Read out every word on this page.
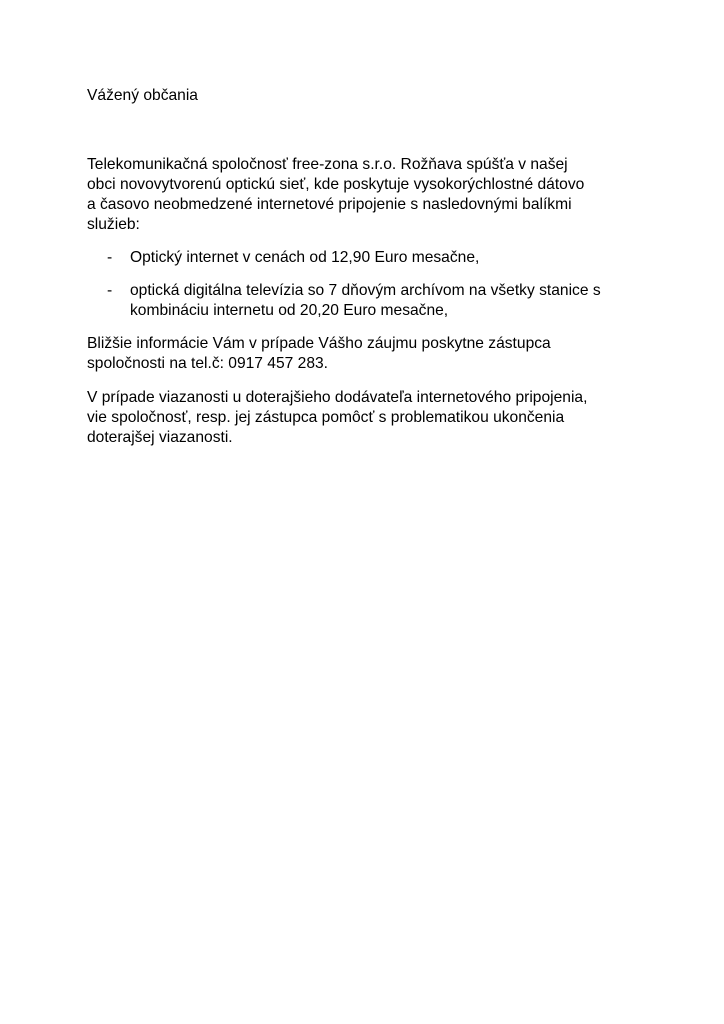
Vážený občania

Telekomunikačná spoločnosť free-zona s.r.o. Rožňava spúšťa v našej
obci novovytvorenú optickú sieť, kde poskytuje vysokorýchlostné dátovo
a časovo neobmedzené internetové pripojenie s nasledovnými balíkmi
služieb:

-	Optický internet v cenách od 12,90 Euro mesačne,
-	optická digitálna televízia so 7 dňovým archívom na všetky stanice s
kombináciu internetu od 20,20 Euro mesačne,

Bližšie informácie Vám v prípade Vášho záujmu poskytne zástupca
spoločnosti na tel.č: 0917 457 283.

V prípade viazanosti u doterajšieho dodávateľa internetového pripojenia,
vie spoločnosť, resp. jej zástupca pomôcť s problematikou ukončenia
doterajšej viazanosti.
